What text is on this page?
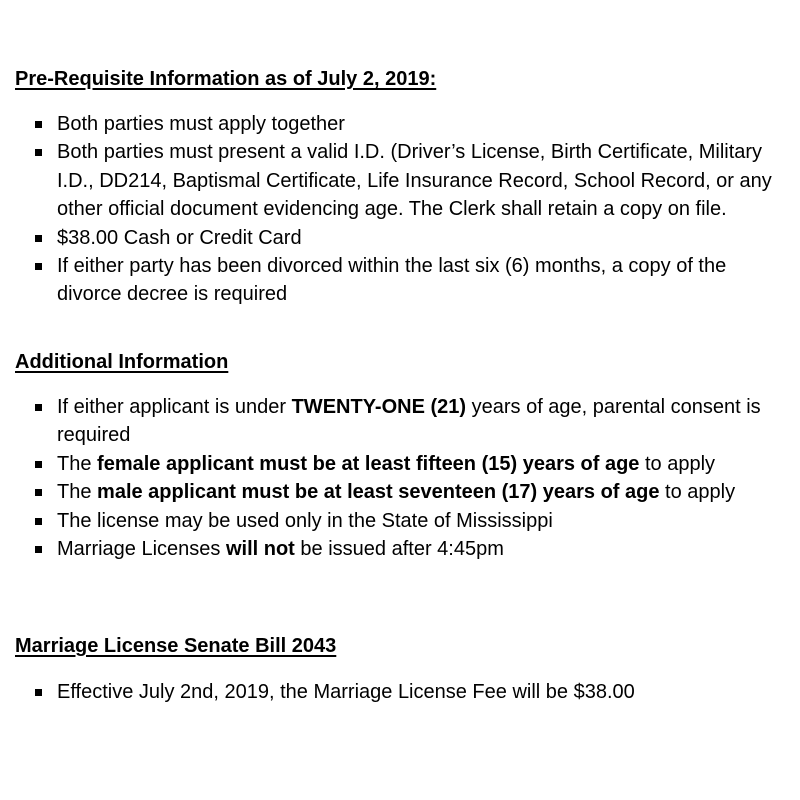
Pre-Requisite Information as of July 2, 2019:
Both parties must apply together
Both parties must present a valid I.D. (Driver’s License, Birth Certificate, Military I.D., DD214, Baptismal Certificate, Life Insurance Record, School Record, or any other official document evidencing age. The Clerk shall retain a copy on file.
$38.00 Cash or Credit Card
If either party has been divorced within the last six (6) months, a copy of the divorce decree is required
Additional Information
If either applicant is under TWENTY-ONE (21) years of age, parental consent is required
The female applicant must be at least fifteen (15) years of age to apply
The male applicant must be at least seventeen (17) years of age to apply
The license may be used only in the State of Mississippi
Marriage Licenses will not be issued after 4:45pm
Marriage License Senate Bill 2043
Effective July 2nd, 2019, the Marriage License Fee will be $38.00
